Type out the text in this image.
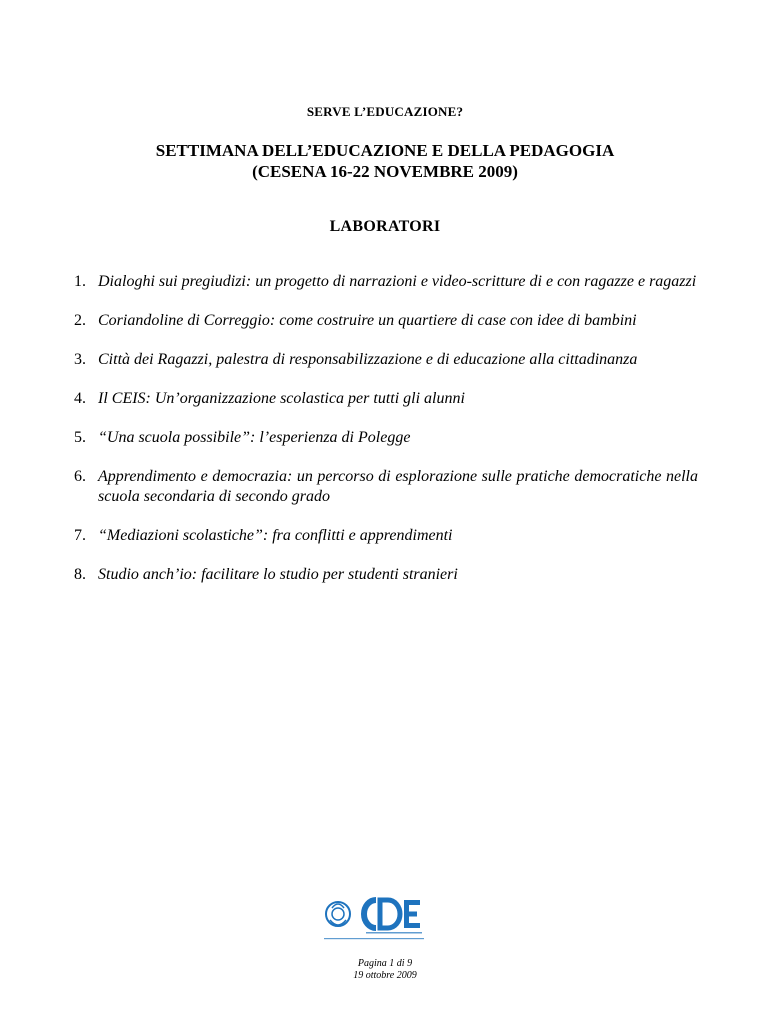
SERVE L’EDUCAZIONE?
SETTIMANA DELL’EDUCAZIONE E DELLA PEDAGOGIA
(CESENA 16-22 NOVEMBRE 2009)
LABORATORI
1. Dialoghi sui pregiudizi: un progetto di narrazioni e video-scritture di e con ragazze e ragazzi
2. Coriandoline di Correggio: come costruire un quartiere di case con idee di bambini
3. Città dei Ragazzi, palestra di responsabilizzazione e di educazione alla cittadinanza
4. Il CEIS: Un’organizzazione scolastica per tutti gli alunni
5. “Una scuola possibile”: l’esperienza di Polegge
6. Apprendimento e democrazia: un percorso di esplorazione sulle pratiche democratiche nella scuola secondaria di secondo grado
7. “Mediazioni scolastiche”: fra conflitti e apprendimenti
8. Studio anch’io: facilitare lo studio per studenti stranieri
Pagina 1 di 9
19 ottobre 2009
